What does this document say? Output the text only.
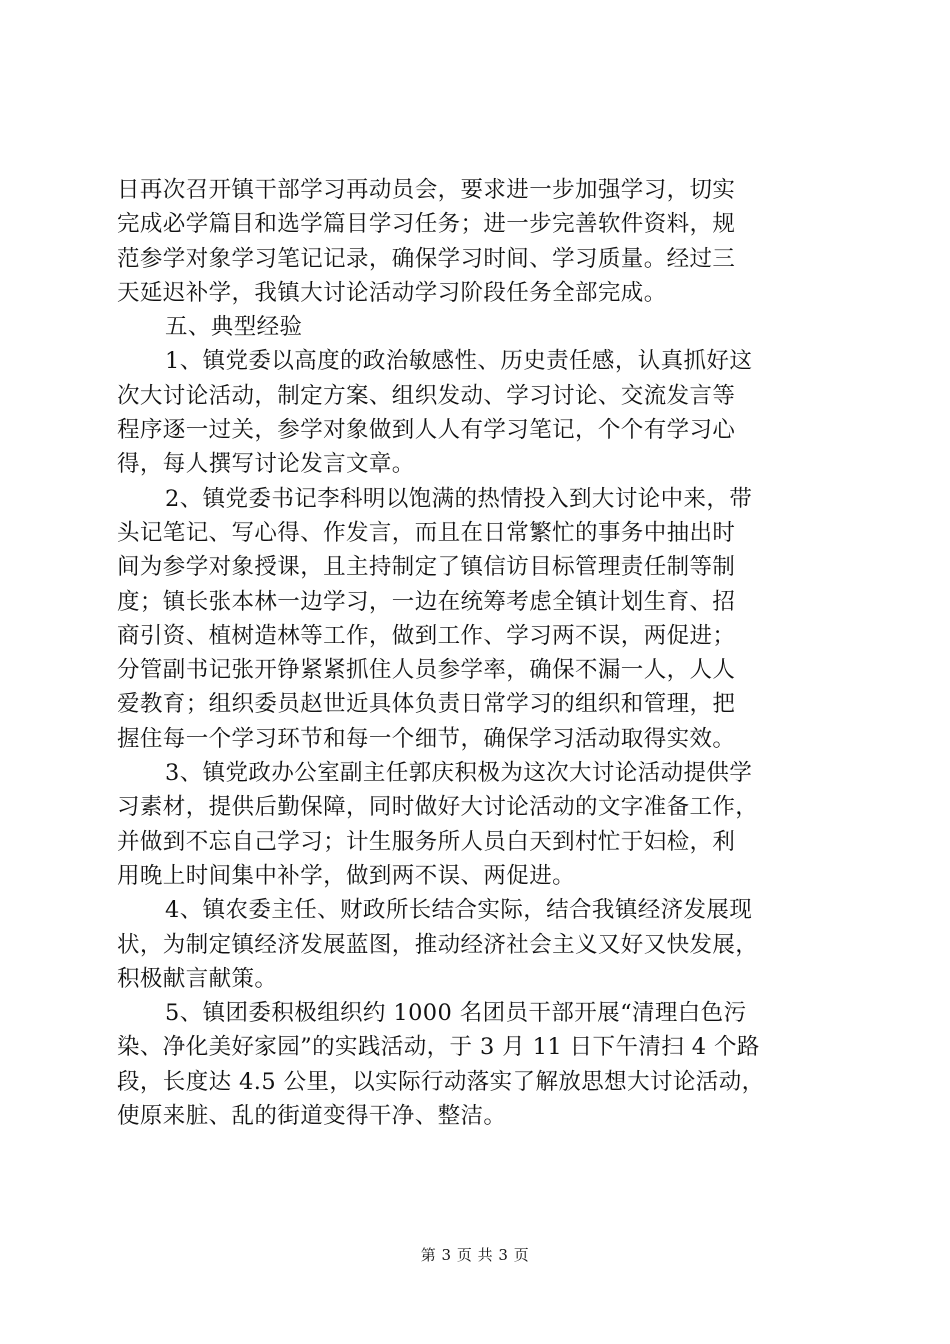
日再次召开镇干部学习再动员会，要求进一步加强学习，切实
完成必学篇目和选学篇目学习任务；进一步完善软件资料，规
范参学对象学习笔记记录，确保学习时间、学习质量。经过三
天延迟补学，我镇大讨论活动学习阶段任务全部完成。
五、典型经验
1、镇党委以高度的政治敏感性、历史责任感，认真抓好这
次大讨论活动，制定方案、组织发动、学习讨论、交流发言等
程序逐一过关，参学对象做到人人有学习笔记，个个有学习心
得，每人撰写讨论发言文章。
2、镇党委书记李科明以饱满的热情投入到大讨论中来，带
头记笔记、写心得、作发言，而且在日常繁忙的事务中抽出时
间为参学对象授课，且主持制定了镇信访目标管理责任制等制
度；镇长张本林一边学习，一边在统筹考虑全镇计划生育、招
商引资、植树造林等工作，做到工作、学习两不误，两促进；
分管副书记张开铮紧紧抓住人员参学率，确保不漏一人，人人
爱教育；组织委员赵世近具体负责日常学习的组织和管理，把
握住每一个学习环节和每一个细节，确保学习活动取得实效。
3、镇党政办公室副主任郭庆积极为这次大讨论活动提供学
习素材，提供后勤保障，同时做好大讨论活动的文字准备工作，
并做到不忘自己学习；计生服务所人员白天到村忙于妇检，利
用晚上时间集中补学，做到两不误、两促进。
4、镇农委主任、财政所长结合实际，结合我镇经济发展现
状，为制定镇经济发展蓝图，推动经济社会主义又好又快发展，
积极献言献策。
5、镇团委积极组织约 1000 名团员干部开展“清理白色污
染、净化美好家园”的实践活动，于 3 月 11 日下午清扫 4 个路
段，长度达 4.5 公里，以实际行动落实了解放思想大讨论活动，
使原来脏、乱的街道变得干净、整洁。
第 3 页 共 3 页
